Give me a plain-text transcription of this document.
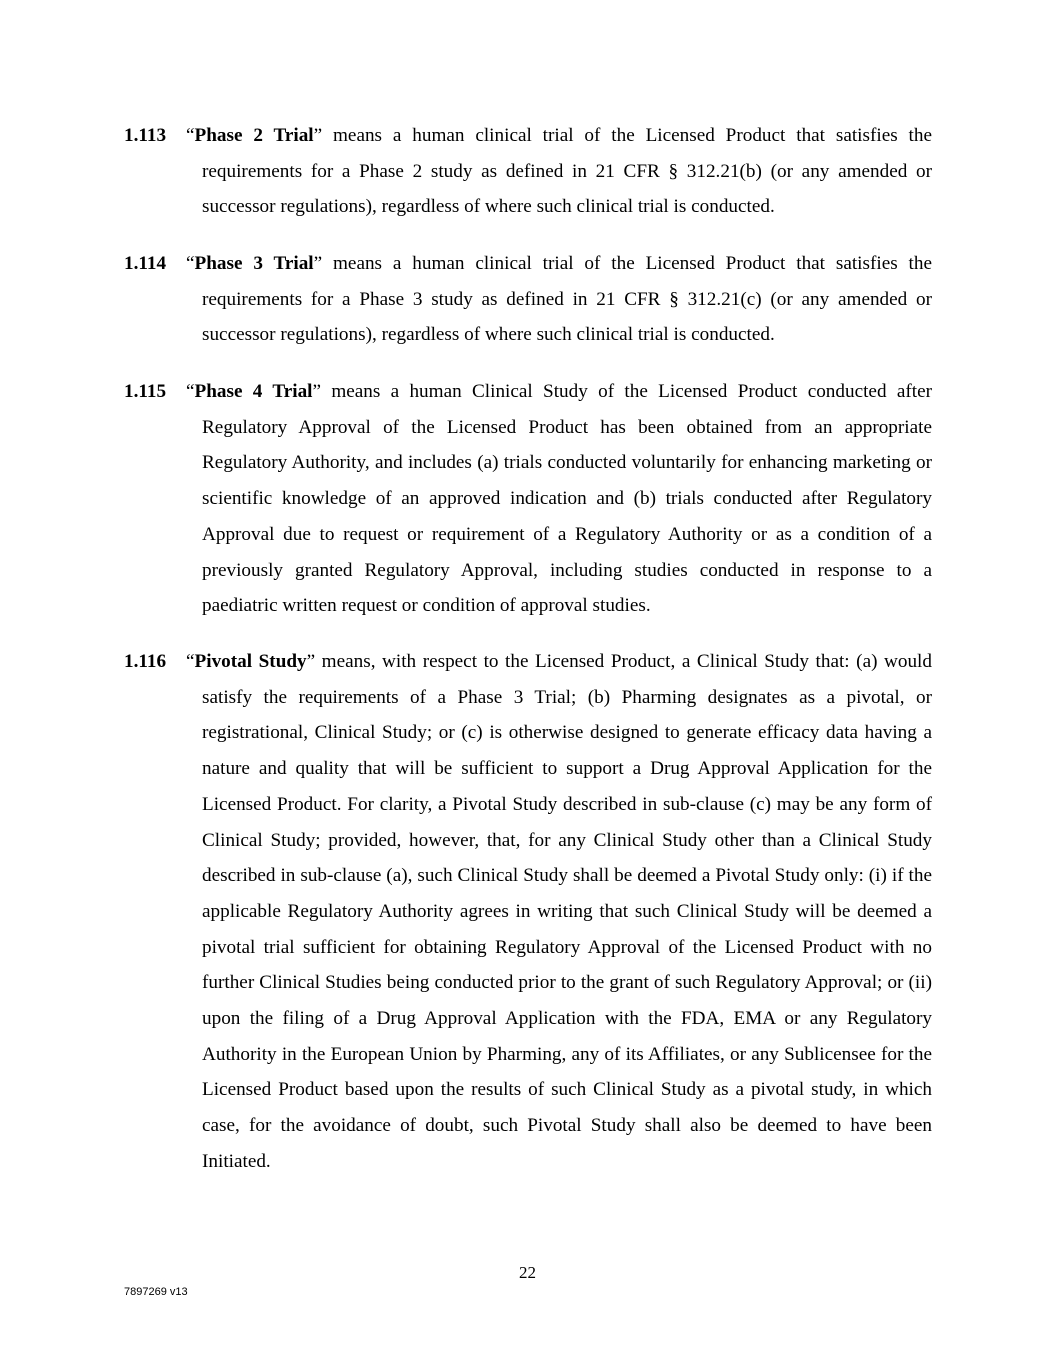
1.113 “Phase 2 Trial” means a human clinical trial of the Licensed Product that satisfies the requirements for a Phase 2 study as defined in 21 CFR § 312.21(b) (or any amended or successor regulations), regardless of where such clinical trial is conducted.

1.114 “Phase 3 Trial” means a human clinical trial of the Licensed Product that satisfies the requirements for a Phase 3 study as defined in 21 CFR § 312.21(c) (or any amended or successor regulations), regardless of where such clinical trial is conducted.

1.115 “Phase 4 Trial” means a human Clinical Study of the Licensed Product conducted after Regulatory Approval of the Licensed Product has been obtained from an appropriate Regulatory Authority, and includes (a) trials conducted voluntarily for enhancing marketing or scientific knowledge of an approved indication and (b) trials conducted after Regulatory Approval due to request or requirement of a Regulatory Authority or as a condition of a previously granted Regulatory Approval, including studies conducted in response to a paediatric written request or condition of approval studies.

1.116 “Pivotal Study” means, with respect to the Licensed Product, a Clinical Study that: (a) would satisfy the requirements of a Phase 3 Trial; (b) Pharming designates as a pivotal, or registrational, Clinical Study; or (c) is otherwise designed to generate efficacy data having a nature and quality that will be sufficient to support a Drug Approval Application for the Licensed Product. For clarity, a Pivotal Study described in sub-clause (c) may be any form of Clinical Study; provided, however, that, for any Clinical Study other than a Clinical Study described in sub-clause (a), such Clinical Study shall be deemed a Pivotal Study only: (i) if the applicable Regulatory Authority agrees in writing that such Clinical Study will be deemed a pivotal trial sufficient for obtaining Regulatory Approval of the Licensed Product with no further Clinical Studies being conducted prior to the grant of such Regulatory Approval; or (ii) upon the filing of a Drug Approval Application with the FDA, EMA or any Regulatory Authority in the European Union by Pharming, any of its Affiliates, or any Sublicensee for the Licensed Product based upon the results of such Clinical Study as a pivotal study, in which case, for the avoidance of doubt, such Pivotal Study shall also be deemed to have been Initiated.

22
7897269 v13
